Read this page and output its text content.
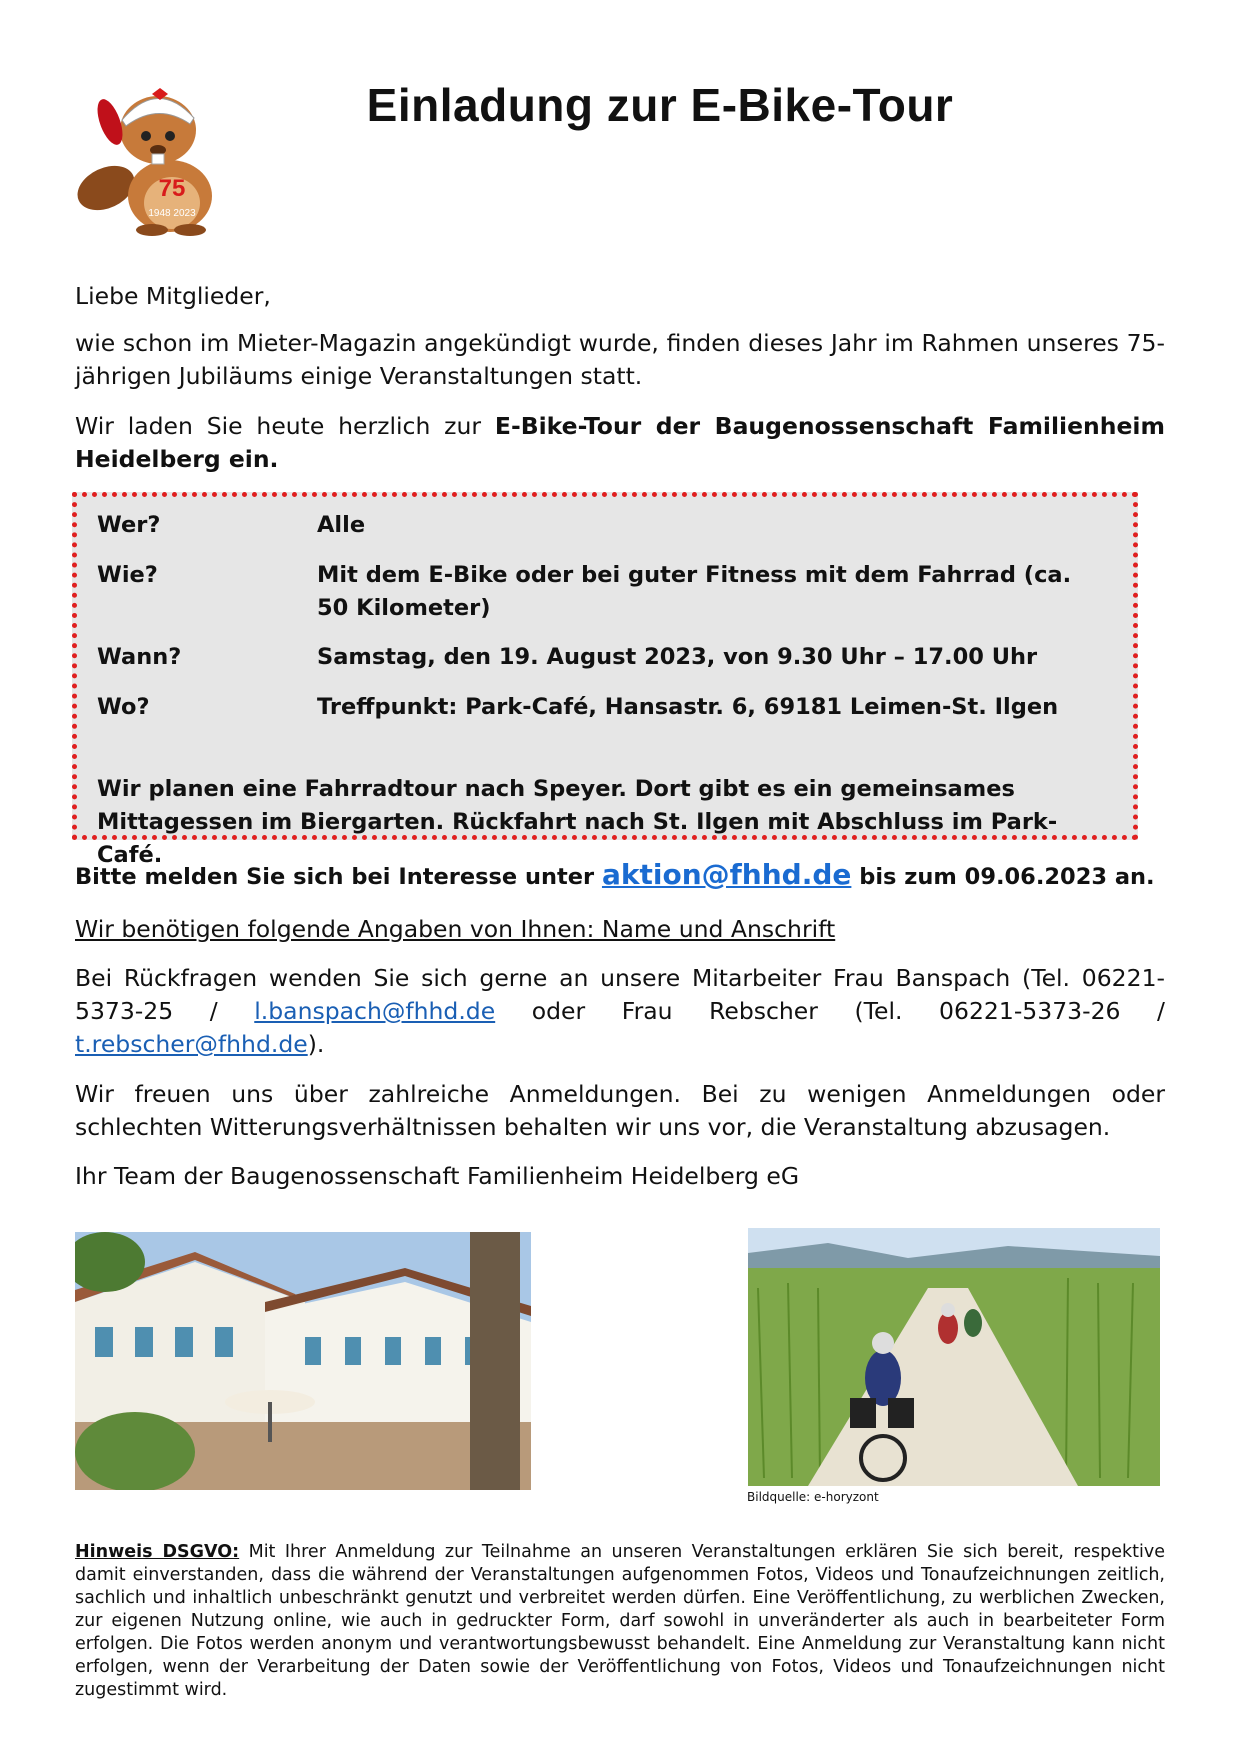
75
1948 2023
Einladung zur E-Bike-Tour
Liebe Mitglieder,
wie schon im Mieter-Magazin angekündigt wurde, finden dieses Jahr im Rahmen unseres 75-jährigen Jubiläums einige Veranstaltungen statt.
Wir laden Sie heute herzlich zur E-Bike-Tour der Baugenossenschaft Familienheim Heidelberg ein.
Wer?	Alle
Wie?	Mit dem E-Bike oder bei guter Fitness mit dem Fahrrad (ca. 50 Kilometer)
Wann?	Samstag, den 19. August 2023, von 9.30 Uhr – 17.00 Uhr
Wo?	Treffpunkt: Park-Café, Hansastr. 6, 69181 Leimen-St. Ilgen
Wir planen eine Fahrradtour nach Speyer. Dort gibt es ein gemeinsames Mittagessen im Biergarten. Rückfahrt nach St. Ilgen mit Abschluss im Park-Café.
Bitte melden Sie sich bei Interesse unter aktion@fhhd.de bis zum 09.06.2023 an.
Wir benötigen folgende Angaben von Ihnen: Name und Anschrift
Bei Rückfragen wenden Sie sich gerne an unsere Mitarbeiter Frau Banspach (Tel. 06221-5373-25 / l.banspach@fhhd.de oder Frau Rebscher (Tel. 06221-5373-26 / t.rebscher@fhhd.de).
Wir freuen uns über zahlreiche Anmeldungen. Bei zu wenigen Anmeldungen oder schlechten Witterungsverhältnissen behalten wir uns vor, die Veranstaltung abzusagen.
Ihr Team der Baugenossenschaft Familienheim Heidelberg eG
Bildquelle: e-horyzont
Hinweis DSGVO: Mit Ihrer Anmeldung zur Teilnahme an unseren Veranstaltungen erklären Sie sich bereit, respektive damit einverstanden, dass die während der Veranstaltungen aufgenommen Fotos, Videos und Tonaufzeichnungen zeitlich, sachlich und inhaltlich unbeschränkt genutzt und verbreitet werden dürfen. Eine Veröffentlichung, zu werblichen Zwecken, zur eigenen Nutzung online, wie auch in gedruckter Form, darf sowohl in unveränderter als auch in bearbeiteter Form erfolgen. Die Fotos werden anonym und verantwortungsbewusst behandelt. Eine Anmeldung zur Veranstaltung kann nicht erfolgen, wenn der Verarbeitung der Daten sowie der Veröffentlichung von Fotos, Videos und Tonaufzeichnungen nicht zugestimmt wird.
